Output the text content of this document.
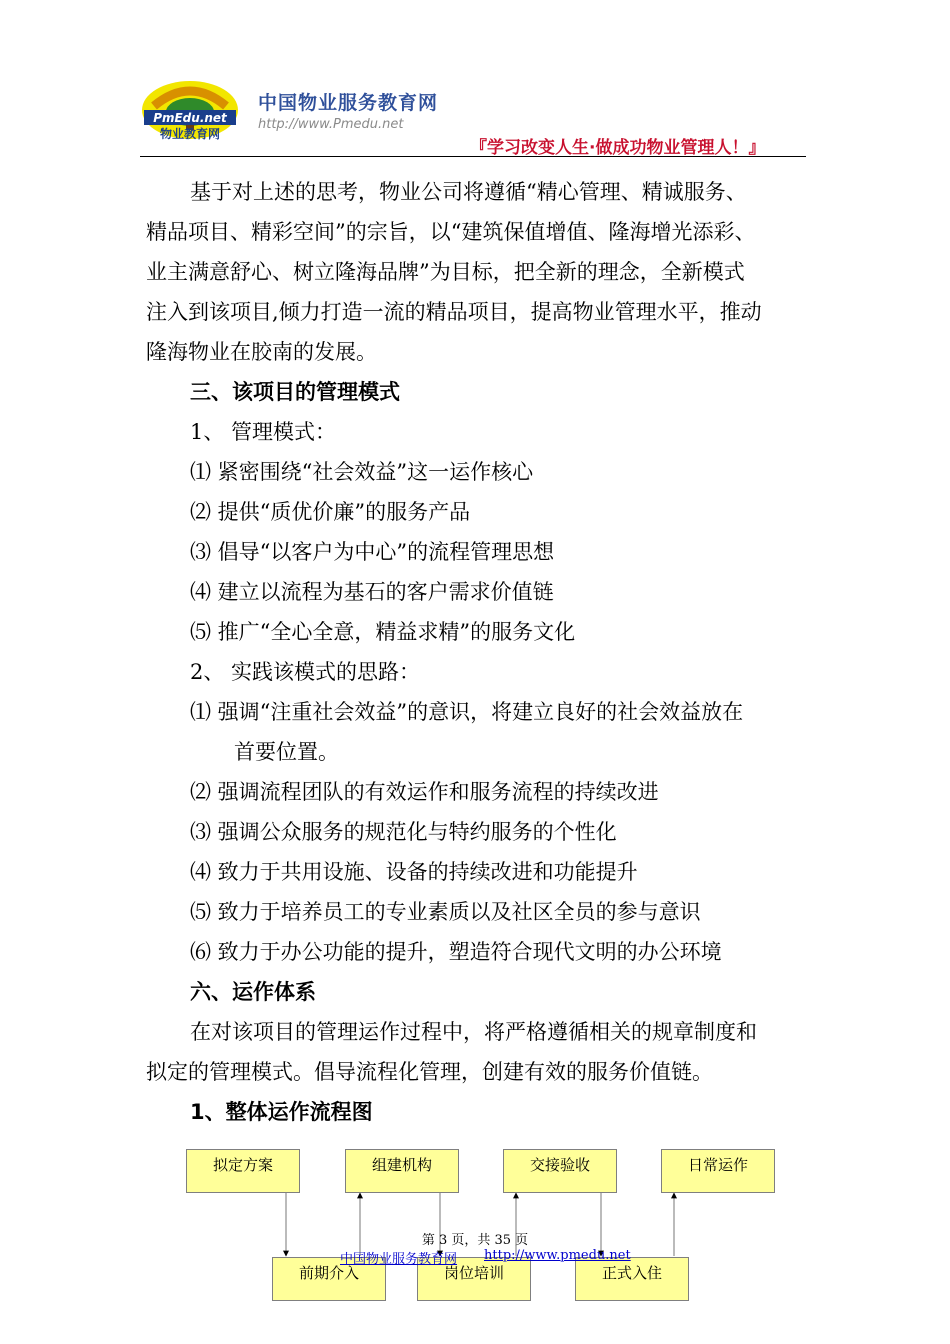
PmEdu.net
物业教育网
中国物业服务教育网
http://www.Pmedu.net
『学习改变人生·做成功物业管理人！』
基于对上述的思考，物业公司将遵循“精心管理、精诚服务、
精品项目、精彩空间”的宗旨，以“建筑保值增值、隆海增光添彩、
业主满意舒心、树立隆海品牌”为目标，把全新的理念，全新模式
注入到该项目,倾力打造一流的精品项目，提高物业管理水平，推动
隆海物业在胶南的发展。
三、该项目的管理模式
1、 管理模式：
⑴ 紧密围绕“社会效益”这一运作核心
⑵ 提供“质优价廉”的服务产品
⑶ 倡导“以客户为中心”的流程管理思想
⑷ 建立以流程为基石的客户需求价值链
⑸ 推广“全心全意，精益求精”的服务文化
2、 实践该模式的思路：
⑴ 强调“注重社会效益”的意识，将建立良好的社会效益放在
首要位置。
⑵ 强调流程团队的有效运作和服务流程的持续改进
⑶ 强调公众服务的规范化与特约服务的个性化
⑷ 致力于共用设施、设备的持续改进和功能提升
⑸ 致力于培养员工的专业素质以及社区全员的参与意识
⑹ 致力于办公功能的提升，塑造符合现代文明的办公环境
六、运作体系
在对该项目的管理运作过程中，将严格遵循相关的规章制度和
拟定的管理模式。倡导流程化管理，创建有效的服务价值链。
1、整体运作流程图
拟定方案	组建机构	交接验收	日常运作
前期介入	岗位培训	正式入住
第 3 页，共 35 页
中国物业服务教育网 http://www.pmedu.net
